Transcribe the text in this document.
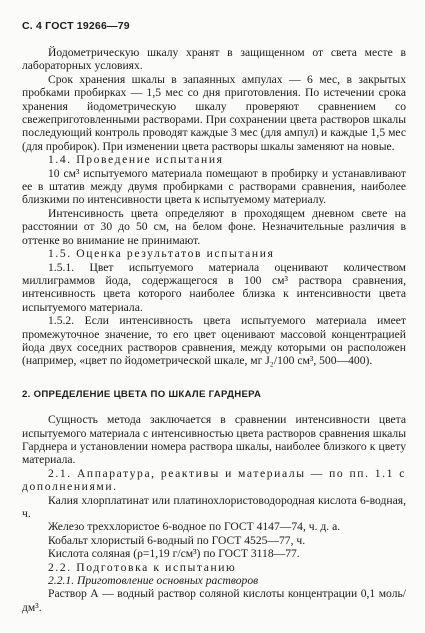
С. 4 ГОСТ 19266—79

Йодометрическую шкалу хранят в защищенном от света месте в лабораторных условиях.

Срок хранения шкалы в запаянных ампулах — 6 мес, в закрытых пробками пробирках — 1,5 мес со дня приготовления. По истечении срока хранения йодометрическую шкалу проверяют сравнением со свежеприготовленными растворами. При сохранении цвета растворов шкалы последующий контроль проводят каждые 3 мес (для ампул) и каждые 1,5 мес (для пробирок). При изменении цвета растворы шкалы заменяют на новые.

1.4. Проведение испытания

10 см³ испытуемого материала помещают в пробирку и устанавливают ее в штатив между двумя пробирками с растворами сравнения, наиболее близкими по интенсивности цвета к испытуемому материалу.

Интенсивность цвета определяют в проходящем дневном свете на расстоянии от 30 до 50 см, на белом фоне. Незначительные различия в оттенке во внимание не принимают.

1.5. Оценка результатов испытания

1.5.1. Цвет испытуемого материала оценивают количеством миллиграммов йода, содержащегося в 100 см³ раствора сравнения, интенсивность цвета которого наиболее близка к интенсивности цвета испытуемого материала.

1.5.2. Если интенсивность цвета испытуемого материала имеет промежуточное значение, то его цвет оценивают массовой концентрацией йода двух соседних растворов сравнения, между которыми он расположен (например, «цвет по йодометрической шкале, мг J₂/100 см³, 500—400).

2. ОПРЕДЕЛЕНИЕ ЦВЕТА ПО ШКАЛЕ ГАРДНЕРА

Сущность метода заключается в сравнении интенсивности цвета испытуемого материала с интенсивностью цвета растворов сравнения шкалы Гарднера и установлении номера раствора шкалы, наиболее близкого к цвету материала.

2.1. Аппаратура, реактивы и материалы — по пп. 1.1 с дополнениями.

Калия хлорплатинат или платинохлористоводородная кислота 6-водная, ч.

Железо треххлористое 6-водное по ГОСТ 4147—74, ч. д. а.

Кобальт хлористый 6-водный по ГОСТ 4525—77, ч.

Кислота соляная (ρ=1,19 г/см³) по ГОСТ 3118—77.

2.2. Подготовка к испытанию

2.2.1. Приготовление основных растворов

Раствор А — водный раствор соляной кислоты концентрации 0,1 моль/дм³.
